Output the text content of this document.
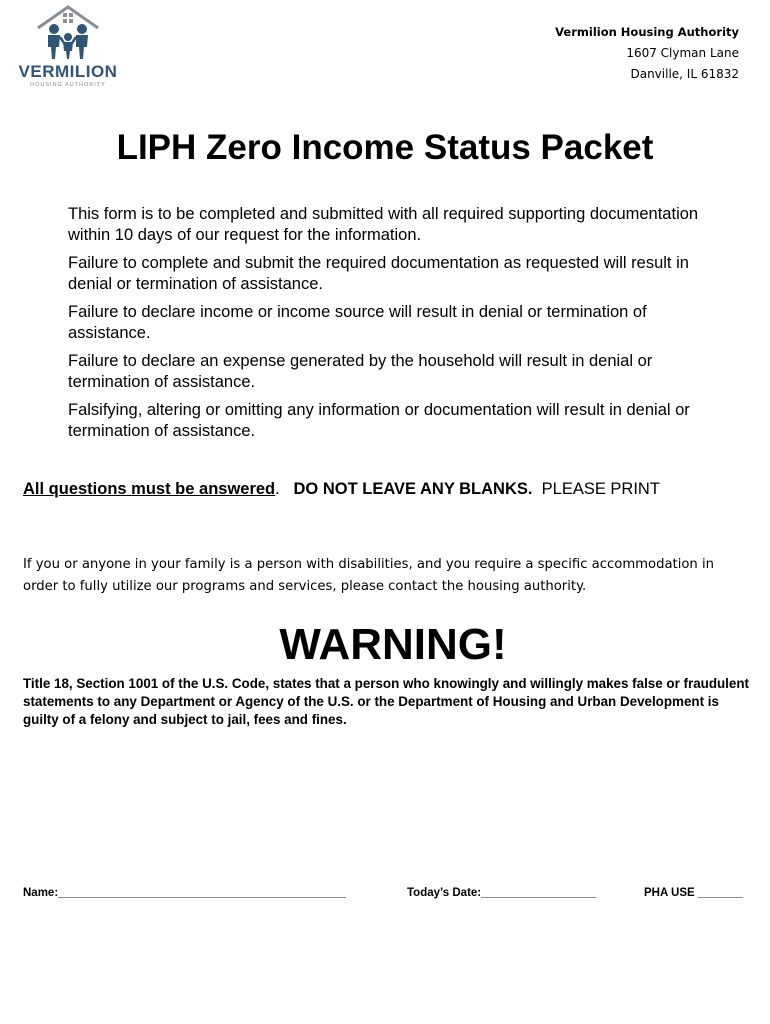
VERMILION
HOUSING AUTHORITY
Vermilion Housing Authority
1607 Clyman Lane
Danville, IL 61832
LIPH Zero Income Status Packet

This form is to be completed and submitted with all required supporting documentation within 10 days of our request for the information.

Failure to complete and submit the required documentation as requested will result in denial or termination of assistance.

Failure to declare income or income source will result in denial or termination of assistance.

Failure to declare an expense generated by the household will result in denial or termination of assistance.

Falsifying, altering or omitting any information or documentation will result in denial or termination of assistance.

All questions must be answered. DO NOT LEAVE ANY BLANKS. PLEASE PRINT
If you or anyone in your family is a person with disabilities, and you require a specific accommodation in order to fully utilize our programs and services, please contact the housing authority.
WARNING!
Title 18, Section 1001 of the U.S. Code, states that a person who knowingly and willingly makes false or fraudulent statements to any Department or Agency of the U.S. or the Department of Housing and Urban Development is guilty of a felony and subject to jail, fees and fines.
Name:_____________________________________________	Today’s Date:__________________	PHA USE _______
